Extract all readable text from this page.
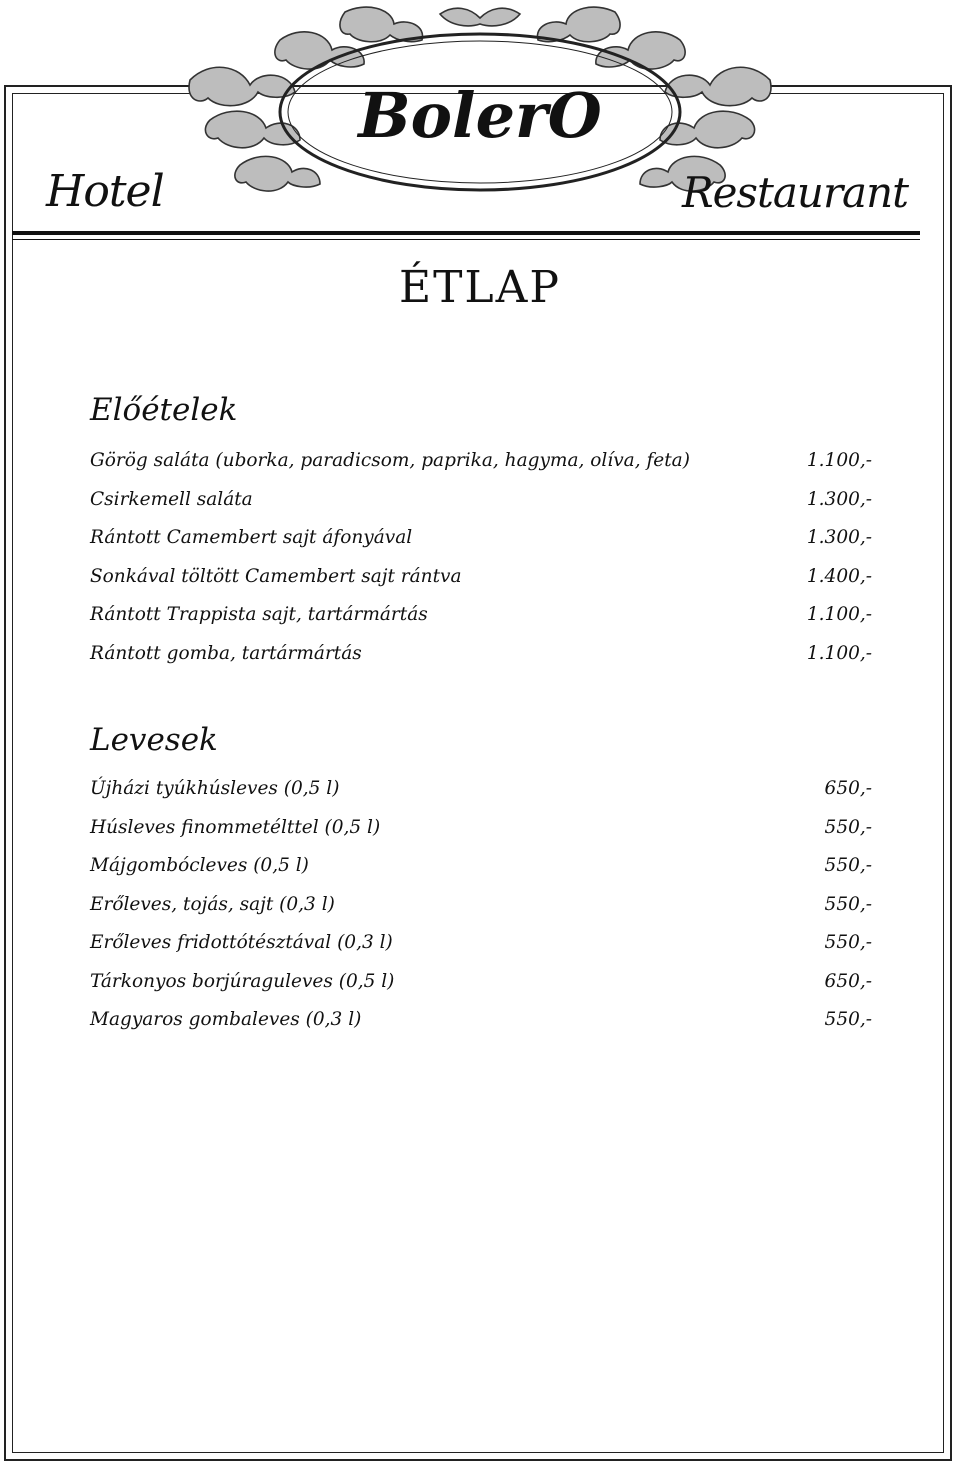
BolerO
Hotel	Restaurant
ÉTLAP
Előételek
Görög saláta (uborka, paradicsom, paprika, hagyma, olíva, feta)	1.100,-
Csirkemell saláta	1.300,-
Rántott Camembert sajt áfonyával	1.300,-
Sonkával töltött Camembert sajt rántva	1.400,-
Rántott Trappista sajt, tartármártás	1.100,-
Rántott gomba, tartármártás	1.100,-
Levesek
Újházi tyúkhúsleves (0,5 l)	650,-
Húsleves finommetélttel (0,5 l)	550,-
Májgombócleves (0,5 l)	550,-
Erőleves, tojás, sajt (0,3 l)	550,-
Erőleves fridottótésztával (0,3 l)	550,-
Tárkonyos borjúraguleves (0,5 l)	650,-
Magyaros gombaleves (0,3 l)	550,-
